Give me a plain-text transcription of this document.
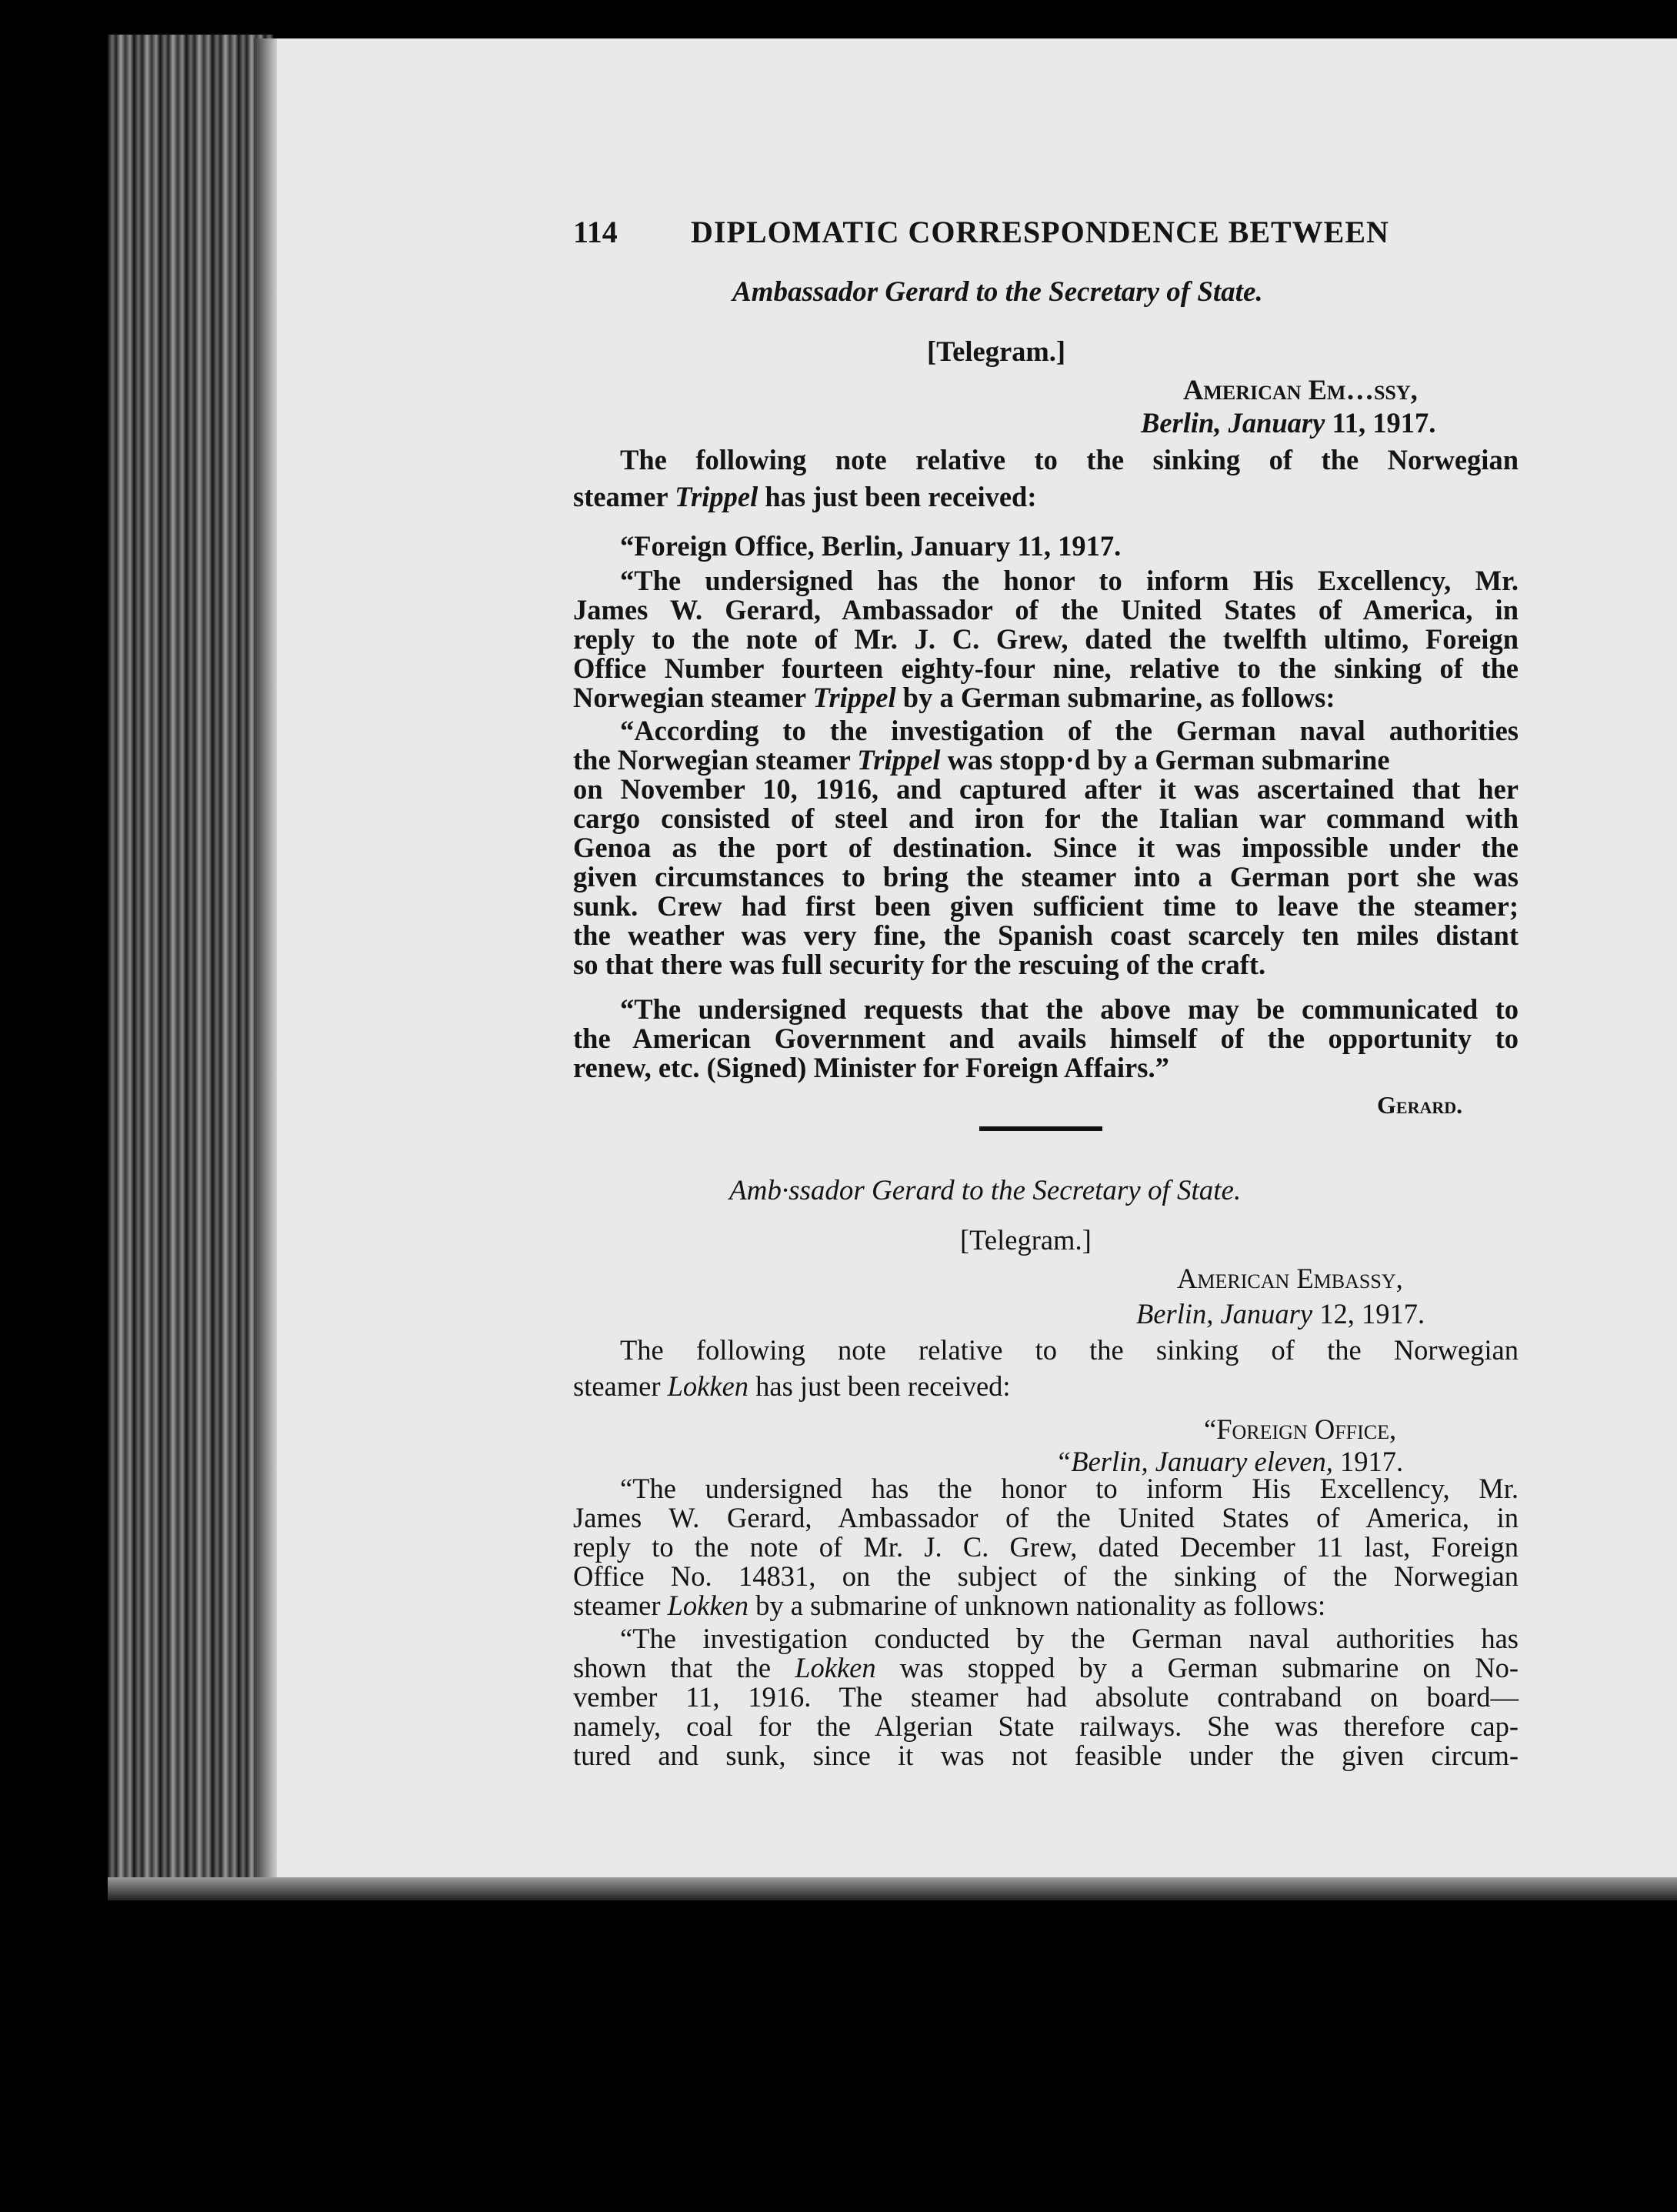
114 DIPLOMATIC CORRESPONDENCE BETWEEN
Ambassador Gerard to the Secretary of State.
[Telegram.]
American Em…ssy,
Berlin, January 11, 1917.
The following note relative to the sinking of the Norwegian
steamer Trippel has just been received:
“Foreign Office, Berlin, January 11, 1917.
“The undersigned has the honor to inform His Excellency, Mr.
James W. Gerard, Ambassador of the United States of America, in
reply to the note of Mr. J. C. Grew, dated the twelfth ultimo, Foreign
Office Number fourteen eighty-four nine, relative to the sinking of the
Norwegian steamer Trippel by a German submarine, as follows:
“According to the investigation of the German naval authorities
the Norwegian steamer Trippel was stopp·d by a German submarine
on November 10, 1916, and captured after it was ascertained that her
cargo consisted of steel and iron for the Italian war command with
Genoa as the port of destination. Since it was impossible under the
given circumstances to bring the steamer into a German port she was
sunk. Crew had first been given sufficient time to leave the steamer;
the weather was very fine, the Spanish coast scarcely ten miles distant
so that there was full security for the rescuing of the craft.
“The undersigned requests that the above may be communicated to
the American Government and avails himself of the opportunity to
renew, etc. (Signed) Minister for Foreign Affairs.”
Gerard.
Amb·ssador Gerard to the Secretary of State.
[Telegram.]
American Embassy,
Berlin, January 12, 1917.
The following note relative to the sinking of the Norwegian
steamer Lokken has just been received:
“Foreign Office,
“Berlin, January eleven, 1917.
“The undersigned has the honor to inform His Excellency, Mr.
James W. Gerard, Ambassador of the United States of America, in
reply to the note of Mr. J. C. Grew, dated December 11 last, Foreign
Office No. 14831, on the subject of the sinking of the Norwegian
steamer Lokken by a submarine of unknown nationality as follows:
“The investigation conducted by the German naval authorities has
shown that the Lokken was stopped by a German submarine on No-
vember 11, 1916. The steamer had absolute contraband on board—
namely, coal for the Algerian State railways. She was therefore cap-
tured and sunk, since it was not feasible under the given circum-
